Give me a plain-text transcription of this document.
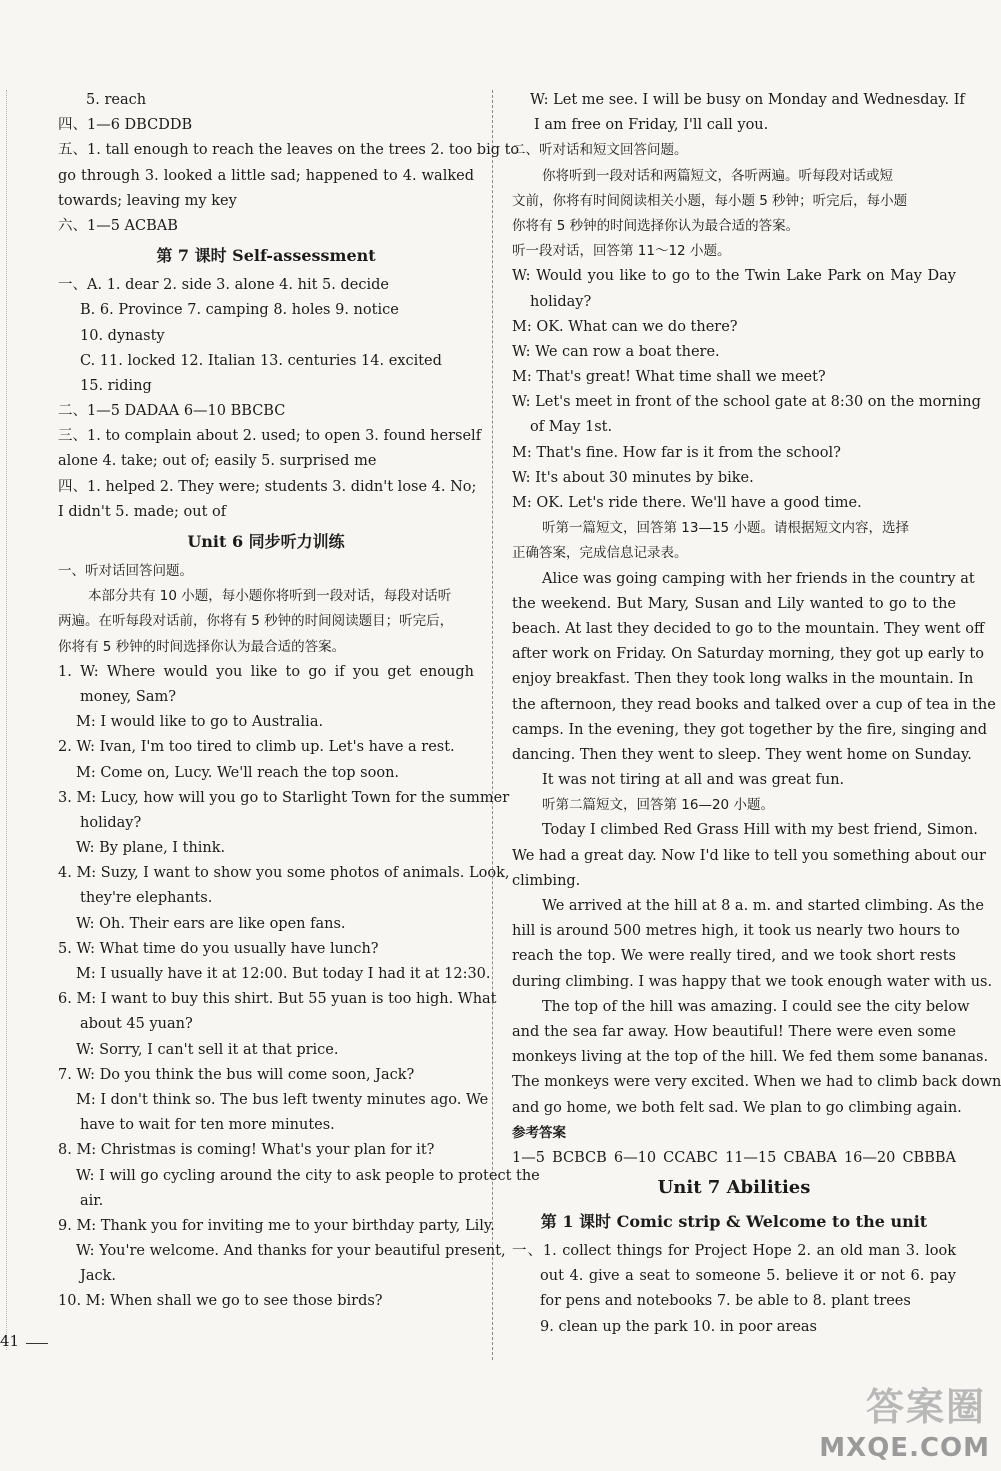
5. reach
四、1—6 DBCDDB
五、1. tall enough to reach the leaves on the trees 2. too big to
go through 3. looked a little sad; happened to 4. walked
towards; leaving my key
六、1—5 ACBAB
第 7 课时 Self-assessment
一、A. 1. dear 2. side 3. alone 4. hit 5. decide
B. 6. Province 7. camping 8. holes 9. notice
10. dynasty
C. 11. locked 12. Italian 13. centuries 14. excited
15. riding
二、1—5 DADAA 6—10 BBCBC
三、1. to complain about 2. used; to open 3. found herself
alone 4. take; out of; easily 5. surprised me
四、1. helped 2. They were; students 3. didn't lose 4. No;
I didn't 5. made; out of
Unit 6 同步听力训练
一、听对话回答问题。
本部分共有 10 小题，每小题你将听到一段对话，每段对话听
两遍。在听每段对话前，你将有 5 秒钟的时间阅读题目；听完后，
你将有 5 秒钟的时间选择你认为最合适的答案。
1. W: Where would you like to go if you get enough
money, Sam?
M: I would like to go to Australia.
2. W: Ivan, I'm too tired to climb up. Let's have a rest.
M: Come on, Lucy. We'll reach the top soon.
3. M: Lucy, how will you go to Starlight Town for the summer
holiday?
W: By plane, I think.
4. M: Suzy, I want to show you some photos of animals. Look,
they're elephants.
W: Oh. Their ears are like open fans.
5. W: What time do you usually have lunch?
M: I usually have it at 12:00. But today I had it at 12:30.
6. M: I want to buy this shirt. But 55 yuan is too high. What
about 45 yuan?
W: Sorry, I can't sell it at that price.
7. W: Do you think the bus will come soon, Jack?
M: I don't think so. The bus left twenty minutes ago. We
have to wait for ten more minutes.
8. M: Christmas is coming! What's your plan for it?
W: I will go cycling around the city to ask people to protect the
air.
9. M: Thank you for inviting me to your birthday party, Lily.
W: You're welcome. And thanks for your beautiful present,
Jack.
10. M: When shall we go to see those birds?
W: Let me see. I will be busy on Monday and Wednesday. If
I am free on Friday, I'll call you.
二、听对话和短文回答问题。
你将听到一段对话和两篇短文，各听两遍。听每段对话或短
文前，你将有时间阅读相关小题，每小题 5 秒钟；听完后，每小题
你将有 5 秒钟的时间选择你认为最合适的答案。
听一段对话，回答第 11～12 小题。
W: Would you like to go to the Twin Lake Park on May Day
holiday?
M: OK. What can we do there?
W: We can row a boat there.
M: That's great! What time shall we meet?
W: Let's meet in front of the school gate at 8:30 on the morning
of May 1st.
M: That's fine. How far is it from the school?
W: It's about 30 minutes by bike.
M: OK. Let's ride there. We'll have a good time.
听第一篇短文，回答第 13—15 小题。请根据短文内容，选择
正确答案，完成信息记录表。
Alice was going camping with her friends in the country at
the weekend. But Mary, Susan and Lily wanted to go to the
beach. At last they decided to go to the mountain. They went off
after work on Friday. On Saturday morning, they got up early to
enjoy breakfast. Then they took long walks in the mountain. In
the afternoon, they read books and talked over a cup of tea in the
camps. In the evening, they got together by the fire, singing and
dancing. Then they went to sleep. They went home on Sunday.
It was not tiring at all and was great fun.
听第二篇短文，回答第 16—20 小题。
Today I climbed Red Grass Hill with my best friend, Simon.
We had a great day. Now I'd like to tell you something about our
climbing.
We arrived at the hill at 8 a. m. and started climbing. As the
hill is around 500 metres high, it took us nearly two hours to
reach the top. We were really tired, and we took short rests
during climbing. I was happy that we took enough water with us.
The top of the hill was amazing. I could see the city below
and the sea far away. How beautiful! There were even some
monkeys living at the top of the hill. We fed them some bananas.
The monkeys were very excited. When we had to climb back down
and go home, we both felt sad. We plan to go climbing again.
参考答案
1—5 BCBCB 6—10 CCABC 11—15 CBABA 16—20 CBBBA
Unit 7 Abilities
第 1 课时 Comic strip & Welcome to the unit
一、1. collect things for Project Hope 2. an old man 3. look
out 4. give a seat to someone 5. believe it or not 6. pay
for pens and notebooks 7. be able to 8. plant trees
9. clean up the park 10. in poor areas
41
答案圈
MXQE.COM
